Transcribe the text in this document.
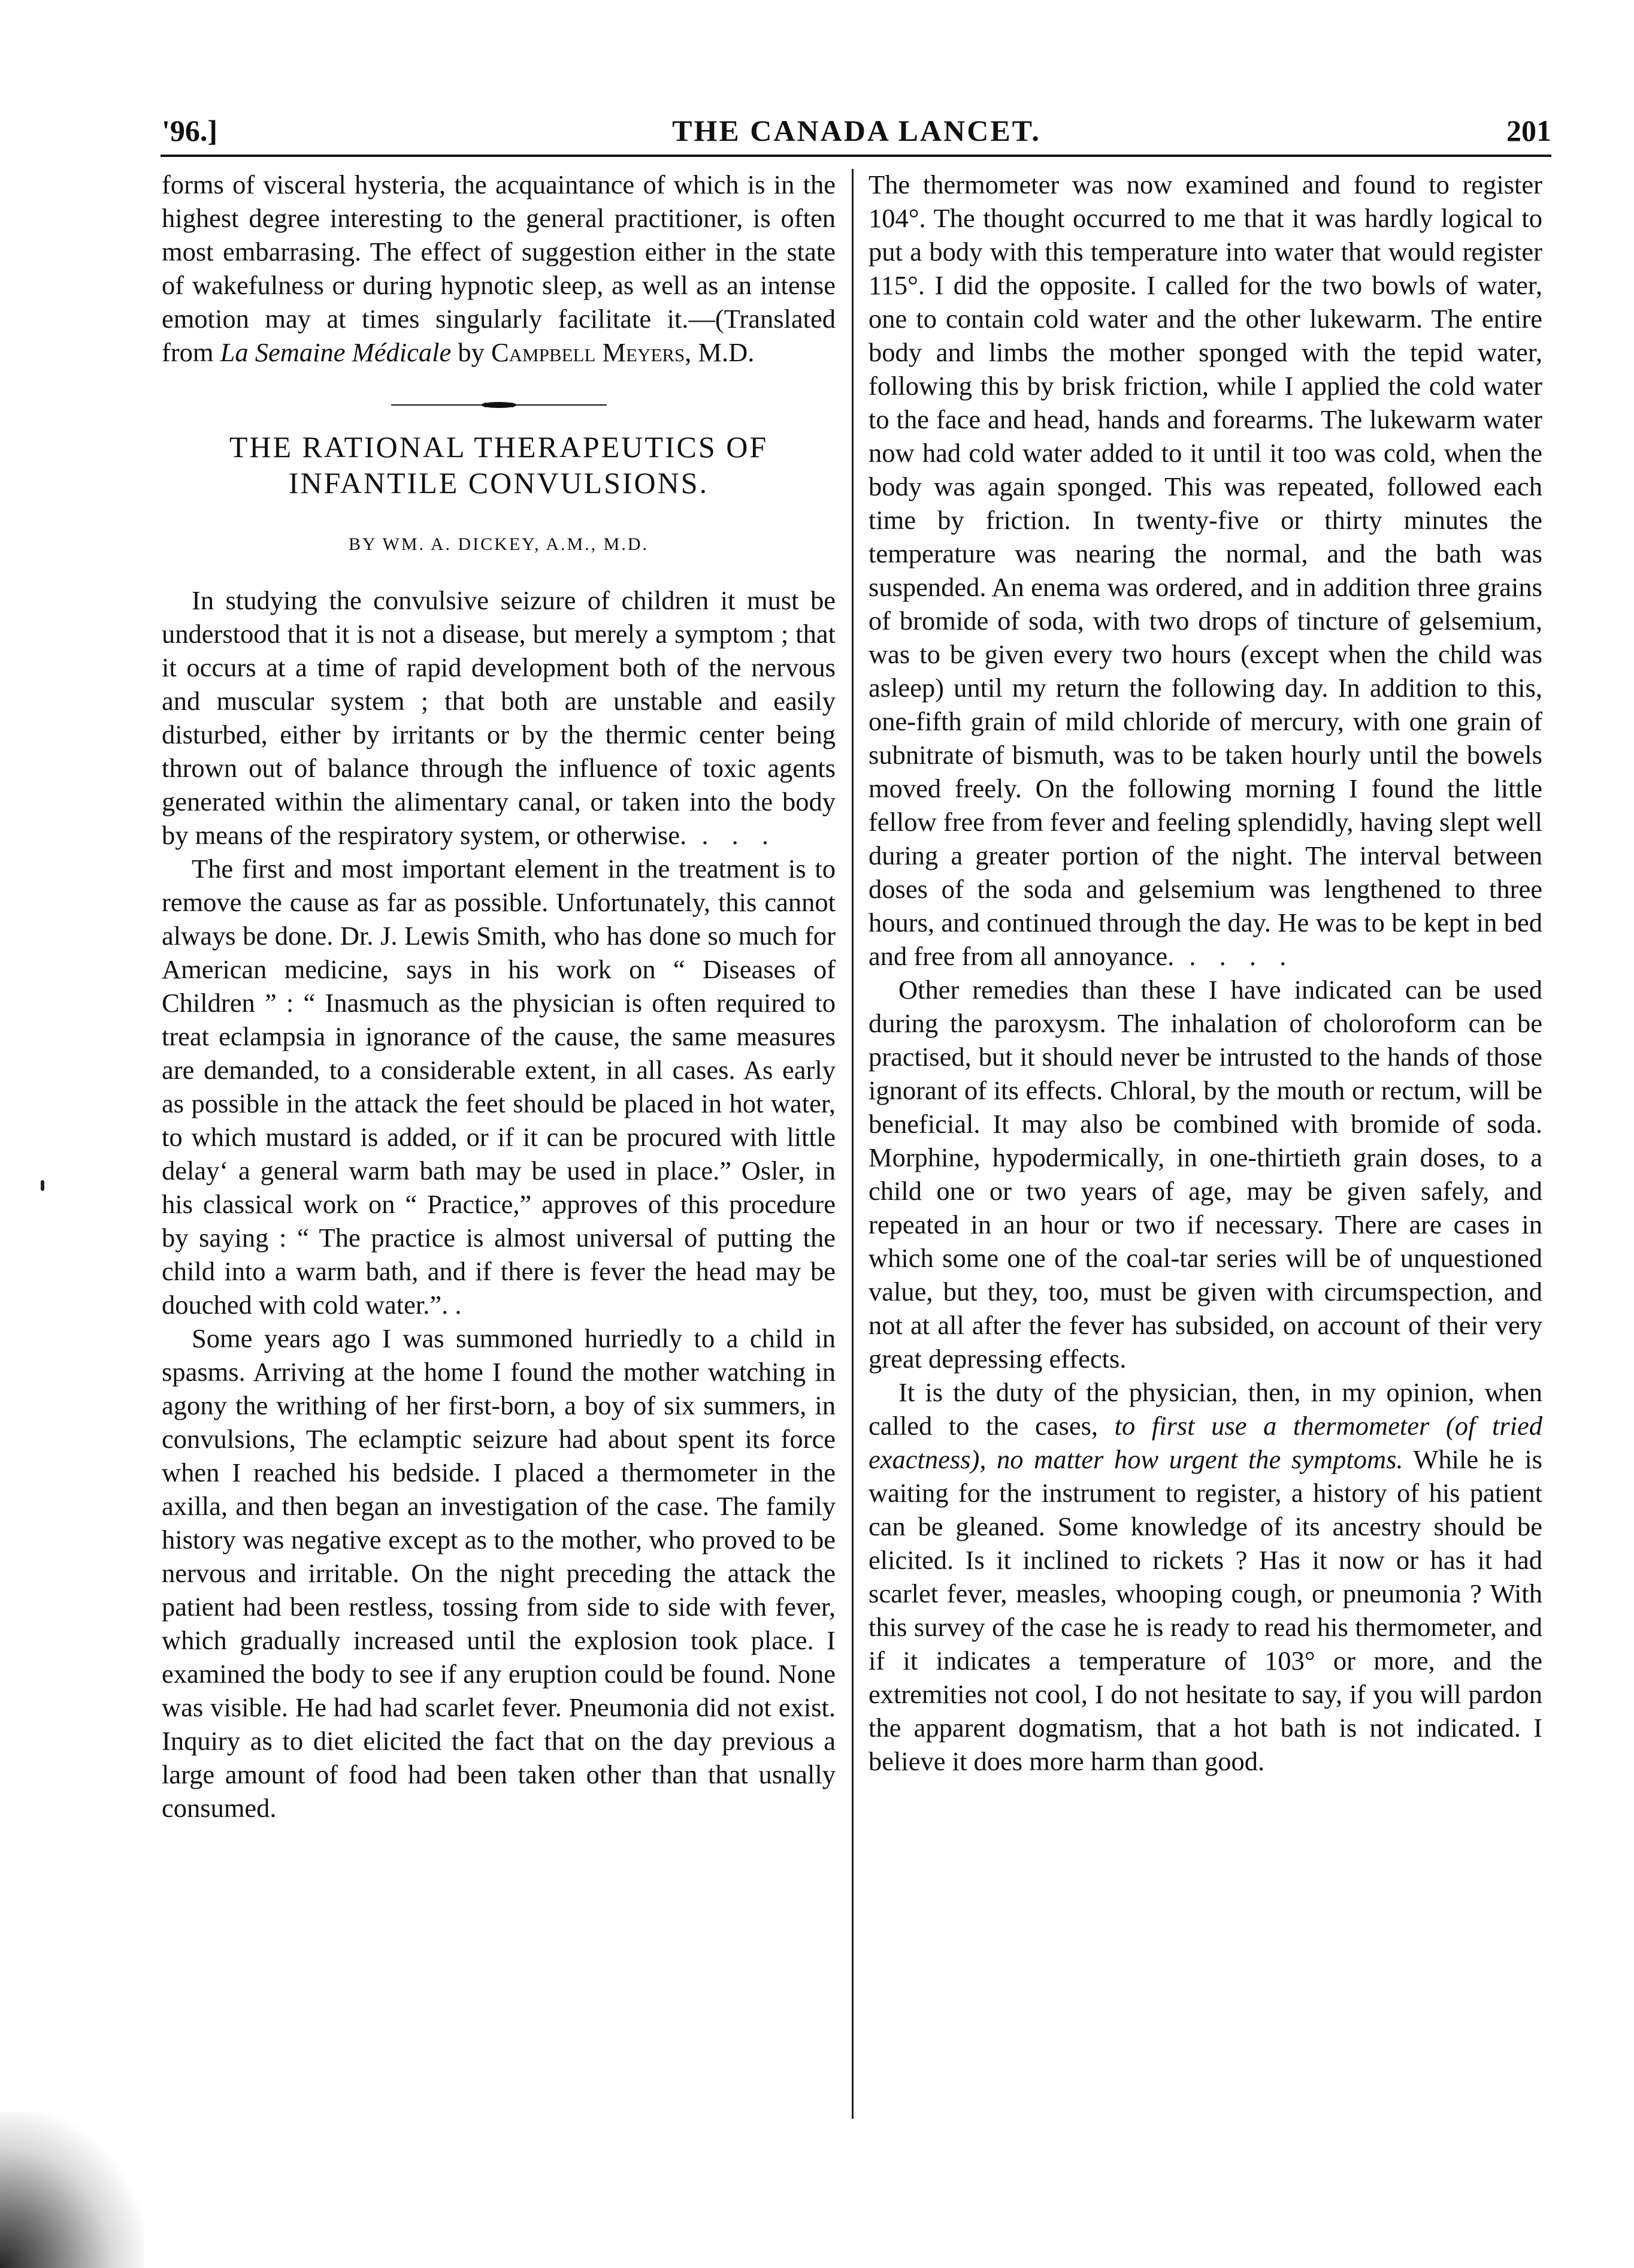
'96.]	THE CANADA LANCET.	201

forms of visceral hysteria, the acquaintance of which is in the highest degree interesting to the general practitioner, is often most embarrasing. The effect of suggestion either in the state of wakefulness or during hypnotic sleep, as well as an intense emotion may at times singularly facilitate it.—(Translated from La Semaine Médicale by Campbell Meyers, M.D.

THE RATIONAL THERAPEUTICS OF INFANTILE CONVULSIONS.
BY WM. A. DICKEY, A.M., M.D.

In studying the convulsive seizure of children it must be understood that it is not a disease, but merely a symptom ; that it occurs at a time of rapid development both of the nervous and muscular system ; that both are unstable and easily disturbed, either by irritants or by the thermic center being thrown out of balance through the influence of toxic agents generated within the alimentary canal, or taken into the body by means of the respiratory system, or otherwise. . . .

The first and most important element in the treatment is to remove the cause as far as possible. Unfortunately, this cannot always be done. Dr. J. Lewis Smith, who has done so much for American medicine, says in his work on “ Diseases of Children ” : “ Inasmuch as the physician is often required to treat eclampsia in ignorance of the cause, the same measures are demanded, to a considerable extent, in all cases. As early as possible in the attack the feet should be placed in hot water, to which mustard is added, or if it can be procured with little delay‘ a general warm bath may be used in place.” Osler, in his classical work on “ Practice,” approves of this procedure by saying : “ The practice is almost universal of putting the child into a warm bath, and if there is fever the head may be douched with cold water.”. .

Some years ago I was summoned hurriedly to a child in spasms. Arriving at the home I found the mother watching in agony the writhing of her first-born, a boy of six summers, in convulsions, The eclamptic seizure had about spent its force when I reached his bedside. I placed a thermometer in the axilla, and then began an investigation of the case. The family history was negative except as to the mother, who proved to be nervous and irritable. On the night preceding the attack the patient had been restless, tossing from side to side with fever, which gradually increased until the explosion took place. I examined the body to see if any eruption could be found. None was visible. He had had scarlet fever. Pneumonia did not exist. Inquiry as to diet elicited the fact that on the day previous a large amount of food had been taken other than that usnally consumed.

The thermometer was now examined and found to register 104°. The thought occurred to me that it was hardly logical to put a body with this temperature into water that would register 115°. I did the opposite. I called for the two bowls of water, one to contain cold water and the other lukewarm. The entire body and limbs the mother sponged with the tepid water, following this by brisk friction, while I applied the cold water to the face and head, hands and forearms. The lukewarm water now had cold water added to it until it too was cold, when the body was again sponged. This was repeated, followed each time by friction. In twenty-five or thirty minutes the temperature was nearing the normal, and the bath was suspended. An enema was ordered, and in addition three grains of bromide of soda, with two drops of tincture of gelsemium, was to be given every two hours (except when the child was asleep) until my return the following day. In addition to this, one-fifth grain of mild chloride of mercury, with one grain of subnitrate of bismuth, was to be taken hourly until the bowels moved freely. On the following morning I found the little fellow free from fever and feeling splendidly, having slept well during a greater portion of the night. The interval between doses of the soda and gelsemium was lengthened to three hours, and continued through the day. He was to be kept in bed and free from all annoyance. . . . .

Other remedies than these I have indicated can be used during the paroxysm. The inhalation of choloroform can be practised, but it should never be intrusted to the hands of those ignorant of its effects. Chloral, by the mouth or rectum, will be beneficial. It may also be combined with bromide of soda. Morphine, hypodermically, in one-thirtieth grain doses, to a child one or two years of age, may be given safely, and repeated in an hour or two if necessary. There are cases in which some one of the coal-tar series will be of unquestioned value, but they, too, must be given with circumspection, and not at all after the fever has subsided, on account of their very great depressing effects.

It is the duty of the physician, then, in my opinion, when called to the cases, to first use a thermometer (of tried exactness), no matter how urgent the symptoms. While he is waiting for the instrument to register, a history of his patient can be gleaned. Some knowledge of its ancestry should be elicited. Is it inclined to rickets ? Has it now or has it had scarlet fever, measles, whooping cough, or pneumonia ? With this survey of the case he is ready to read his thermometer, and if it indicates a temperature of 103° or more, and the extremities not cool, I do not hesitate to say, if you will pardon the apparent dogmatism, that a hot bath is not indicated. I believe it does more harm than good.
